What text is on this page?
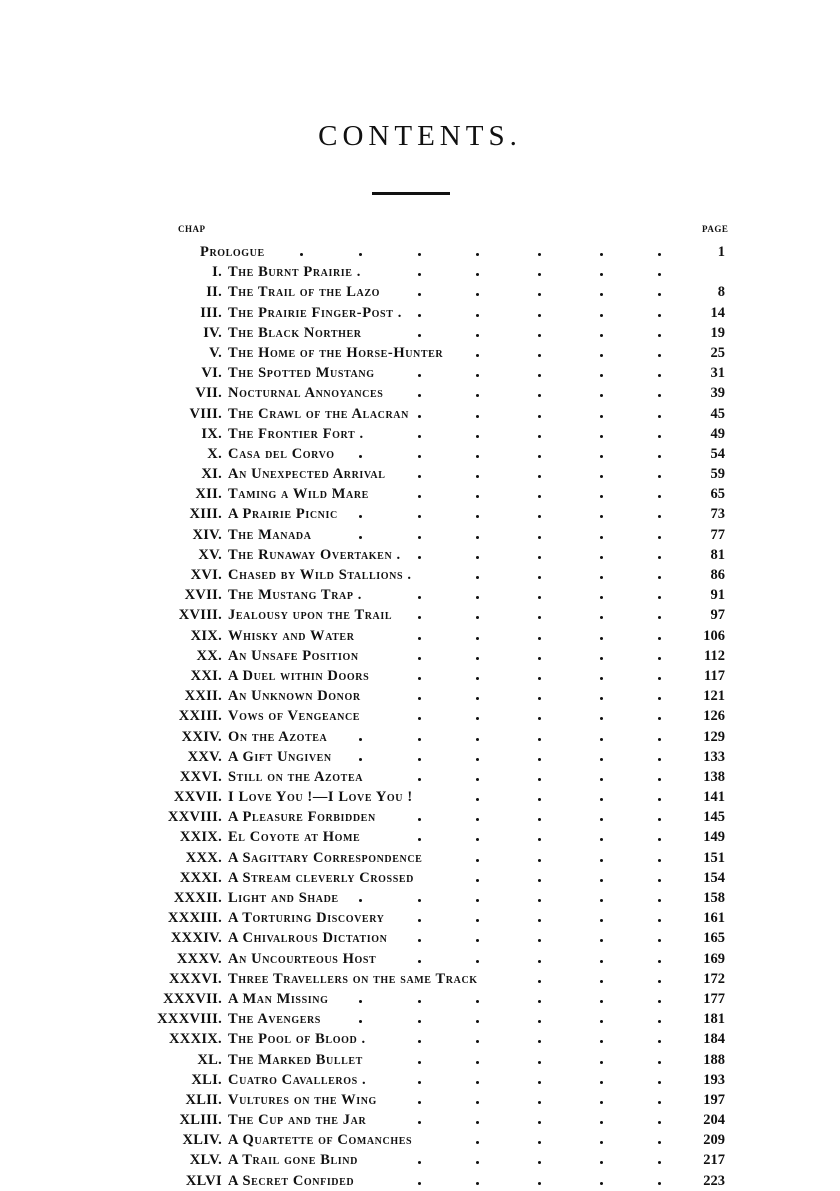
CONTENTS.
CHAP	PAGE
Prologue	1
I. The Burnt Prairie .
II. The Trail of the Lazo	8
III. The Prairie Finger-Post .	14
IV. The Black Norther	19
V. The Home of the Horse-Hunter	25
VI. The Spotted Mustang	31
VII. Nocturnal Annoyances	39
VIII. The Crawl of the Alacran	45
IX. The Frontier Fort .	49
X. Casa del Corvo	54
XI. An Unexpected Arrival	59
XII. Taming a Wild Mare	65
XIII. A Prairie Picnic	73
XIV. The Manada	77
XV. The Runaway Overtaken .	81
XVI. Chased by Wild Stallions .	86
XVII. The Mustang Trap .	91
XVIII. Jealousy upon the Trail	97
XIX. Whisky and Water	106
XX. An Unsafe Position	112
XXI. A Duel within Doors	117
XXII. An Unknown Donor	121
XXIII. Vows of Vengeance	126
XXIV. On the Azotea	129
XXV. A Gift Ungiven	133
XXVI. Still on the Azotea	138
XXVII. I Love You !—I Love You !	141
XXVIII. A Pleasure Forbidden	145
XXIX. El Coyote at Home	149
XXX. A Sagittary Correspondence	151
XXXI. A Stream cleverly Crossed	154
XXXII. Light and Shade	158
XXXIII. A Torturing Discovery	161
XXXIV. A Chivalrous Dictation	165
XXXV. An Uncourteous Host	169
XXXVI. Three Travellers on the same Track	172
XXXVII. A Man Missing	177
XXXVIII. The Avengers	181
XXXIX. The Pool of Blood .	184
XL. The Marked Bullet	188
XLI. Cuatro Cavalleros .	193
XLII. Vultures on the Wing	197
XLIII. The Cup and the Jar	204
XLIV. A Quartette of Comanches	209
XLV. A Trail gone Blind	217
XLVI A Secret Confided	223
